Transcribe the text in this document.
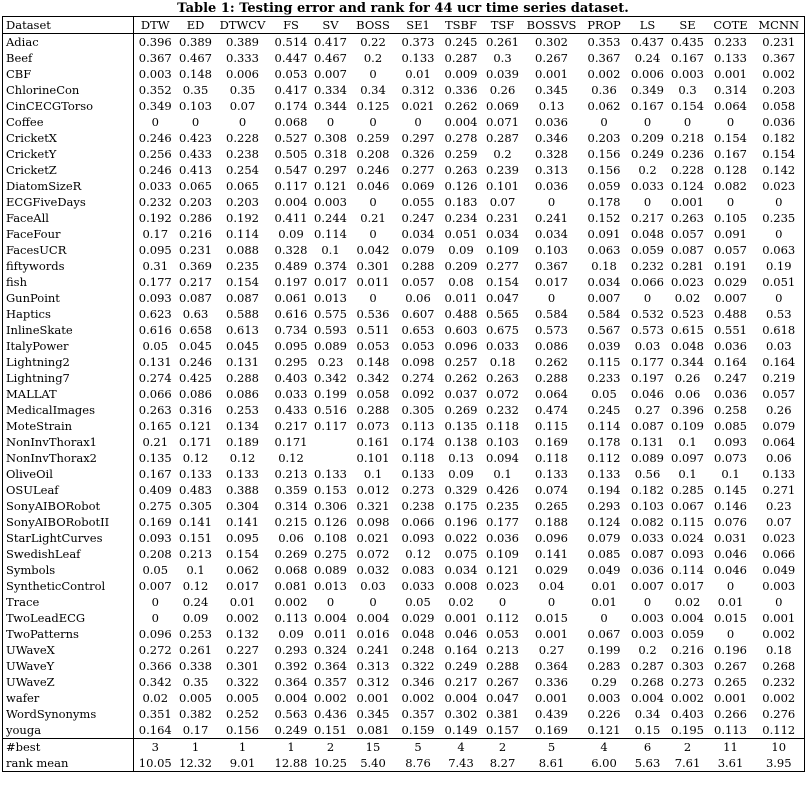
Table 1: Testing error and rank for 44 ucr time series dataset.
Dataset	DTW	ED	DTWCV	FS	SV	BOSS	SE1	TSBF	TSF	BOSSVS	PROP	LS	SE	COTE	MCNN
Adiac	0.396	0.389	0.389	0.514	0.417	0.22	0.373	0.245	0.261	0.302	0.353	0.437	0.435	0.233	0.231
Beef	0.367	0.467	0.333	0.447	0.467	0.2	0.133	0.287	0.3	0.267	0.367	0.24	0.167	0.133	0.367
CBF	0.003	0.148	0.006	0.053	0.007	0	0.01	0.009	0.039	0.001	0.002	0.006	0.003	0.001	0.002
ChlorineCon	0.352	0.35	0.35	0.417	0.334	0.34	0.312	0.336	0.26	0.345	0.36	0.349	0.3	0.314	0.203
CinCECGTorso	0.349	0.103	0.07	0.174	0.344	0.125	0.021	0.262	0.069	0.13	0.062	0.167	0.154	0.064	0.058
Coffee	0	0	0	0.068	0	0	0	0.004	0.071	0.036	0	0	0	0	0.036
CricketX	0.246	0.423	0.228	0.527	0.308	0.259	0.297	0.278	0.287	0.346	0.203	0.209	0.218	0.154	0.182
CricketY	0.256	0.433	0.238	0.505	0.318	0.208	0.326	0.259	0.2	0.328	0.156	0.249	0.236	0.167	0.154
CricketZ	0.246	0.413	0.254	0.547	0.297	0.246	0.277	0.263	0.239	0.313	0.156	0.2	0.228	0.128	0.142
DiatomSizeR	0.033	0.065	0.065	0.117	0.121	0.046	0.069	0.126	0.101	0.036	0.059	0.033	0.124	0.082	0.023
ECGFiveDays	0.232	0.203	0.203	0.004	0.003	0	0.055	0.183	0.07	0	0.178	0	0.001	0	0
FaceAll	0.192	0.286	0.192	0.411	0.244	0.21	0.247	0.234	0.231	0.241	0.152	0.217	0.263	0.105	0.235
FaceFour	0.17	0.216	0.114	0.09	0.114	0	0.034	0.051	0.034	0.034	0.091	0.048	0.057	0.091	0
FacesUCR	0.095	0.231	0.088	0.328	0.1	0.042	0.079	0.09	0.109	0.103	0.063	0.059	0.087	0.057	0.063
fiftywords	0.31	0.369	0.235	0.489	0.374	0.301	0.288	0.209	0.277	0.367	0.18	0.232	0.281	0.191	0.19
fish	0.177	0.217	0.154	0.197	0.017	0.011	0.057	0.08	0.154	0.017	0.034	0.066	0.023	0.029	0.051
GunPoint	0.093	0.087	0.087	0.061	0.013	0	0.06	0.011	0.047	0	0.007	0	0.02	0.007	0
Haptics	0.623	0.63	0.588	0.616	0.575	0.536	0.607	0.488	0.565	0.584	0.584	0.532	0.523	0.488	0.53
InlineSkate	0.616	0.658	0.613	0.734	0.593	0.511	0.653	0.603	0.675	0.573	0.567	0.573	0.615	0.551	0.618
ItalyPower	0.05	0.045	0.045	0.095	0.089	0.053	0.053	0.096	0.033	0.086	0.039	0.03	0.048	0.036	0.03
Lightning2	0.131	0.246	0.131	0.295	0.23	0.148	0.098	0.257	0.18	0.262	0.115	0.177	0.344	0.164	0.164
Lightning7	0.274	0.425	0.288	0.403	0.342	0.342	0.274	0.262	0.263	0.288	0.233	0.197	0.26	0.247	0.219
MALLAT	0.066	0.086	0.086	0.033	0.199	0.058	0.092	0.037	0.072	0.064	0.05	0.046	0.06	0.036	0.057
MedicalImages	0.263	0.316	0.253	0.433	0.516	0.288	0.305	0.269	0.232	0.474	0.245	0.27	0.396	0.258	0.26
MoteStrain	0.165	0.121	0.134	0.217	0.117	0.073	0.113	0.135	0.118	0.115	0.114	0.087	0.109	0.085	0.079
NonInvThorax1	0.21	0.171	0.189	0.171		0.161	0.174	0.138	0.103	0.169	0.178	0.131	0.1	0.093	0.064
NonInvThorax2	0.135	0.12	0.12	0.12		0.101	0.118	0.13	0.094	0.118	0.112	0.089	0.097	0.073	0.06
OliveOil	0.167	0.133	0.133	0.213	0.133	0.1	0.133	0.09	0.1	0.133	0.133	0.56	0.1	0.1	0.133
OSULeaf	0.409	0.483	0.388	0.359	0.153	0.012	0.273	0.329	0.426	0.074	0.194	0.182	0.285	0.145	0.271
SonyAIBORobot	0.275	0.305	0.304	0.314	0.306	0.321	0.238	0.175	0.235	0.265	0.293	0.103	0.067	0.146	0.23
SonyAIBORobotII	0.169	0.141	0.141	0.215	0.126	0.098	0.066	0.196	0.177	0.188	0.124	0.082	0.115	0.076	0.07
StarLightCurves	0.093	0.151	0.095	0.06	0.108	0.021	0.093	0.022	0.036	0.096	0.079	0.033	0.024	0.031	0.023
SwedishLeaf	0.208	0.213	0.154	0.269	0.275	0.072	0.12	0.075	0.109	0.141	0.085	0.087	0.093	0.046	0.066
Symbols	0.05	0.1	0.062	0.068	0.089	0.032	0.083	0.034	0.121	0.029	0.049	0.036	0.114	0.046	0.049
SyntheticControl	0.007	0.12	0.017	0.081	0.013	0.03	0.033	0.008	0.023	0.04	0.01	0.007	0.017	0	0.003
Trace	0	0.24	0.01	0.002	0	0	0.05	0.02	0	0	0.01	0	0.02	0.01	0
TwoLeadECG	0	0.09	0.002	0.113	0.004	0.004	0.029	0.001	0.112	0.015	0	0.003	0.004	0.015	0.001
TwoPatterns	0.096	0.253	0.132	0.09	0.011	0.016	0.048	0.046	0.053	0.001	0.067	0.003	0.059	0	0.002
UWaveX	0.272	0.261	0.227	0.293	0.324	0.241	0.248	0.164	0.213	0.27	0.199	0.2	0.216	0.196	0.18
UWaveY	0.366	0.338	0.301	0.392	0.364	0.313	0.322	0.249	0.288	0.364	0.283	0.287	0.303	0.267	0.268
UWaveZ	0.342	0.35	0.322	0.364	0.357	0.312	0.346	0.217	0.267	0.336	0.29	0.268	0.273	0.265	0.232
wafer	0.02	0.005	0.005	0.004	0.002	0.001	0.002	0.004	0.047	0.001	0.003	0.004	0.002	0.001	0.002
WordSynonyms	0.351	0.382	0.252	0.563	0.436	0.345	0.357	0.302	0.381	0.439	0.226	0.34	0.403	0.266	0.276
youga	0.164	0.17	0.156	0.249	0.151	0.081	0.159	0.149	0.157	0.169	0.121	0.15	0.195	0.113	0.112
#best	3	1	1	1	2	15	5	4	2	5	4	6	2	11	10
rank mean	10.05	12.32	9.01	12.88	10.25	5.40	8.76	7.43	8.27	8.61	6.00	5.63	7.61	3.61	3.95
